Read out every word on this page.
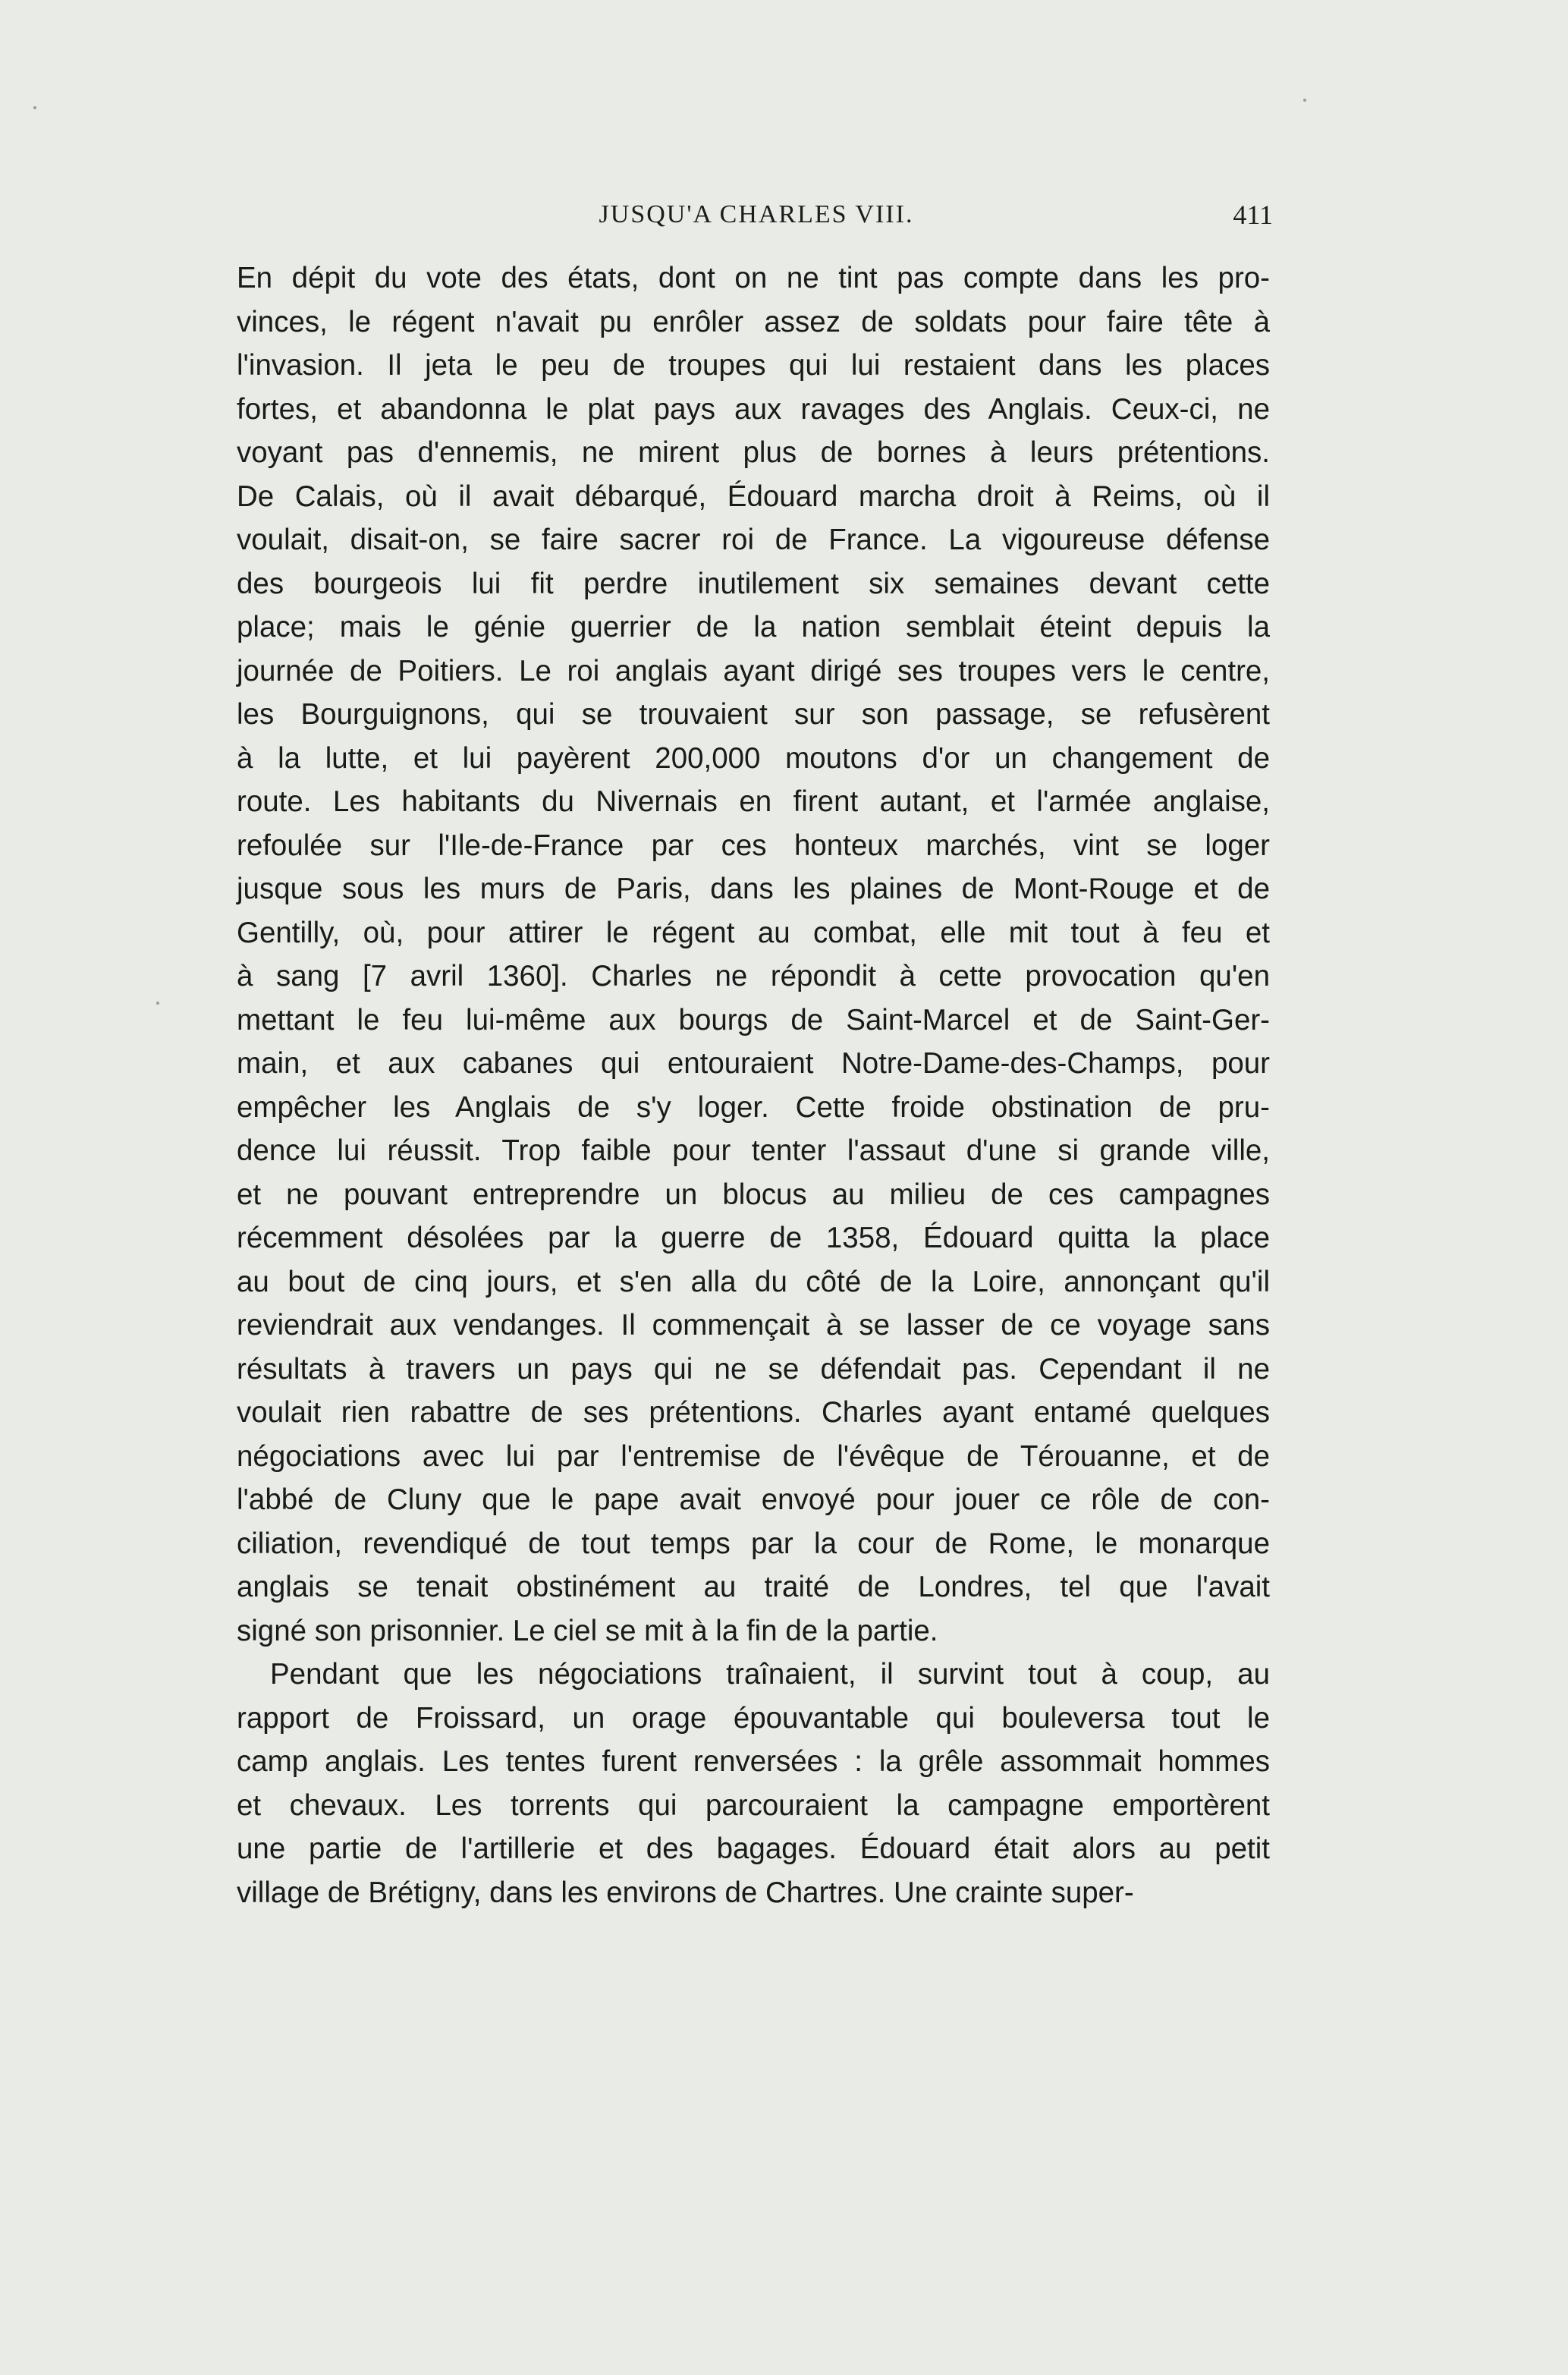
JUSQU'A CHARLES VIII.	411
En dépit du vote des états, dont on ne tint pas compte dans les pro-
vinces, le régent n'avait pu enrôler assez de soldats pour faire tête à
l'invasion. Il jeta le peu de troupes qui lui restaient dans les places
fortes, et abandonna le plat pays aux ravages des Anglais. Ceux-ci, ne
voyant pas d'ennemis, ne mirent plus de bornes à leurs prétentions.
De Calais, où il avait débarqué, Édouard marcha droit à Reims, où il
voulait, disait-on, se faire sacrer roi de France. La vigoureuse défense
des bourgeois lui fit perdre inutilement six semaines devant cette
place; mais le génie guerrier de la nation semblait éteint depuis la
journée de Poitiers. Le roi anglais ayant dirigé ses troupes vers le centre,
les Bourguignons, qui se trouvaient sur son passage, se refusèrent
à la lutte, et lui payèrent 200,000 moutons d'or un changement de
route. Les habitants du Nivernais en firent autant, et l'armée anglaise,
refoulée sur l'Ile-de-France par ces honteux marchés, vint se loger
jusque sous les murs de Paris, dans les plaines de Mont-Rouge et de
Gentilly, où, pour attirer le régent au combat, elle mit tout à feu et
à sang [7 avril 1360]. Charles ne répondit à cette provocation qu'en
mettant le feu lui-même aux bourgs de Saint-Marcel et de Saint-Ger-
main, et aux cabanes qui entouraient Notre-Dame-des-Champs, pour
empêcher les Anglais de s'y loger. Cette froide obstination de pru-
dence lui réussit. Trop faible pour tenter l'assaut d'une si grande ville,
et ne pouvant entreprendre un blocus au milieu de ces campagnes
récemment désolées par la guerre de 1358, Édouard quitta la place
au bout de cinq jours, et s'en alla du côté de la Loire, annonçant qu'il
reviendrait aux vendanges. Il commençait à se lasser de ce voyage sans
résultats à travers un pays qui ne se défendait pas. Cependant il ne
voulait rien rabattre de ses prétentions. Charles ayant entamé quelques
négociations avec lui par l'entremise de l'évêque de Térouanne, et de
l'abbé de Cluny que le pape avait envoyé pour jouer ce rôle de con-
ciliation, revendiqué de tout temps par la cour de Rome, le monarque
anglais se tenait obstinément au traité de Londres, tel que l'avait
signé son prisonnier. Le ciel se mit à la fin de la partie.
Pendant que les négociations traînaient, il survint tout à coup, au
rapport de Froissard, un orage épouvantable qui bouleversa tout le
camp anglais. Les tentes furent renversées : la grêle assommait hommes
et chevaux. Les torrents qui parcouraient la campagne emportèrent
une partie de l'artillerie et des bagages. Édouard était alors au petit
village de Brétigny, dans les environs de Chartres. Une crainte super-
